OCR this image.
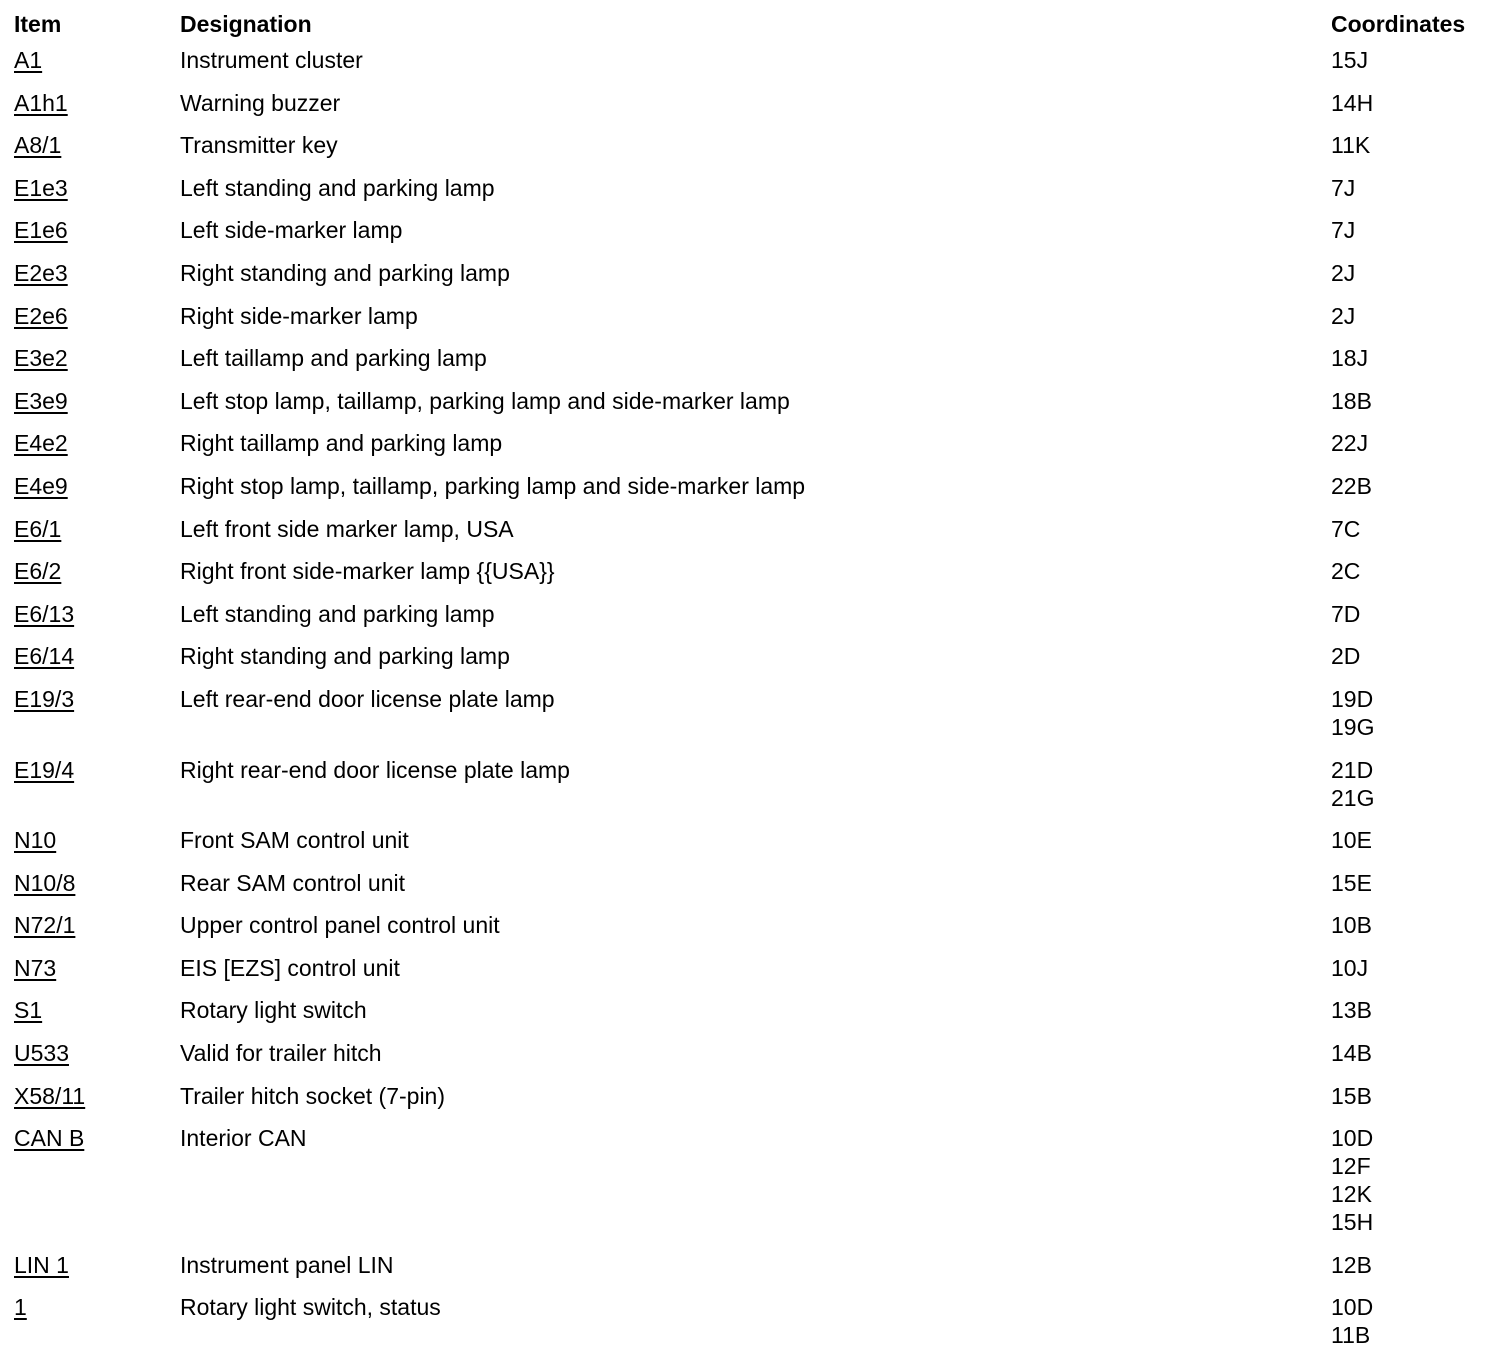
Item	Designation	Coordinates
A1	Instrument cluster	15J
A1h1	Warning buzzer	14H
A8/1	Transmitter key	11K
E1e3	Left standing and parking lamp	7J
E1e6	Left side-marker lamp	7J
E2e3	Right standing and parking lamp	2J
E2e6	Right side-marker lamp	2J
E3e2	Left taillamp and parking lamp	18J
E3e9	Left stop lamp, taillamp, parking lamp and side-marker lamp	18B
E4e2	Right taillamp and parking lamp	22J
E4e9	Right stop lamp, taillamp, parking lamp and side-marker lamp	22B
E6/1	Left front side marker lamp, USA	7C
E6/2	Right front side-marker lamp {{USA}}	2C
E6/13	Left standing and parking lamp	7D
E6/14	Right standing and parking lamp	2D
E19/3	Left rear-end door license plate lamp	19D
19G
E19/4	Right rear-end door license plate lamp	21D
21G
N10	Front SAM control unit	10E
N10/8	Rear SAM control unit	15E
N72/1	Upper control panel control unit	10B
N73	EIS [EZS] control unit	10J
S1	Rotary light switch	13B
U533	Valid for trailer hitch	14B
X58/11	Trailer hitch socket (7-pin)	15B
CAN B	Interior CAN	10D
12F
12K
15H
LIN 1	Instrument panel LIN	12B
1	Rotary light switch, status	10D
11B
